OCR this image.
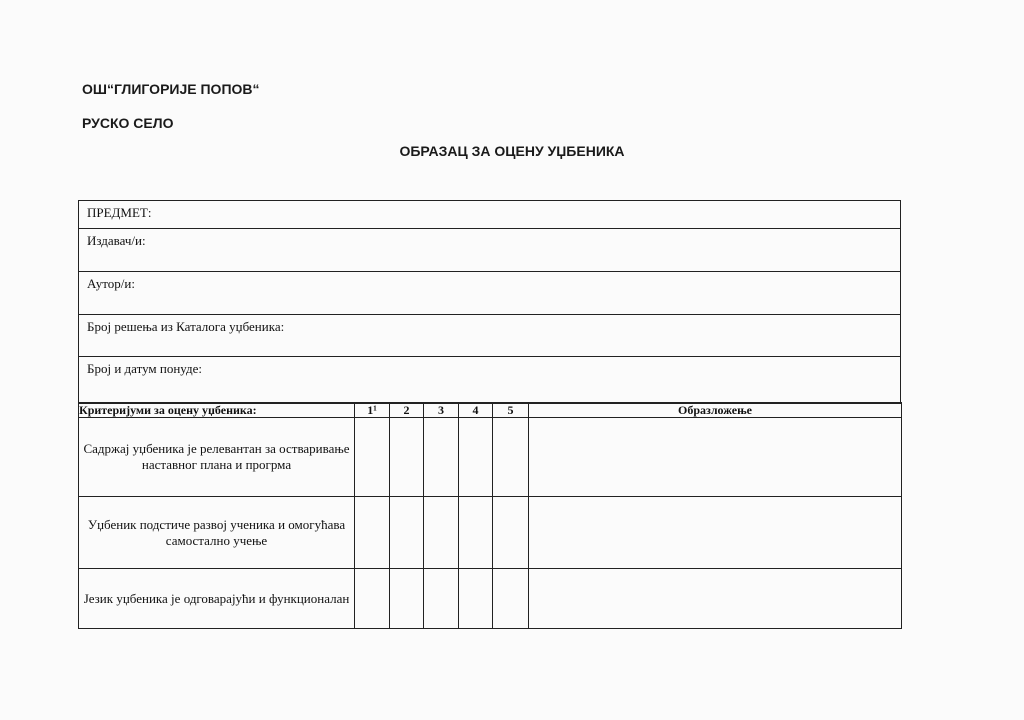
ОШ“ГЛИГОРИЈЕ ПОПОВ“
РУСКО СЕЛО
ОБРАЗАЦ ЗА ОЦЕНУ УЏБЕНИКА
ПРЕДМЕТ:
Издавач/и:
Аутор/и:
Број решења из Каталога уџбеника:
Број и датум понуде:
Критеријуми за оцену уџбеника:	1¹	2	3	4	5	Образложење
Садржај уџбеника је релевантан за остваривање наставног плана и прогрма						
Уџбеник подстиче развој ученика и омогућава самостално учење						
Језик уџбеника је одговарајући и функционалан						
